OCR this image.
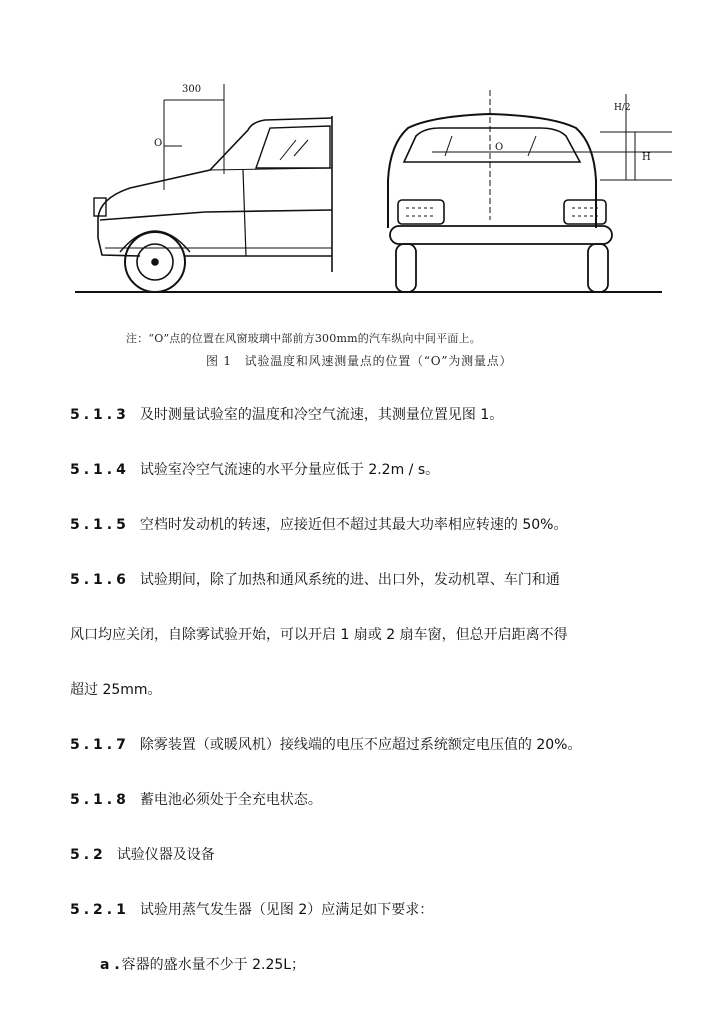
300
O	O
H/2
H
注：“O”点的位置在风窗玻璃中部前方300mm的汽车纵向中间平面上。
图 1　试验温度和风速测量点的位置（“O”为测量点）
5.1.3 及时测量试验室的温度和冷空气流速，其测量位置见图 1。
5.1.4 试验室冷空气流速的水平分量应低于 2.2m / s。
5.1.5 空档时发动机的转速，应接近但不超过其最大功率相应转速的 50%。
5.1.6 试验期间，除了加热和通风系统的进、出口外，发动机罩、车门和通
风口均应关闭，自除雾试验开始，可以开启 1 扇或 2 扇车窗，但总开启距离不得
超过 25mm。
5.1.7 除雾装置（或暖风机）接线端的电压不应超过系统额定电压值的 20%。
5.1.8 蓄电池必须处于全充电状态。
5.2 试验仪器及设备
5.2.1 试验用蒸气发生器（见图 2）应满足如下要求：
a . 容器的盛水量不少于 2.25L；
